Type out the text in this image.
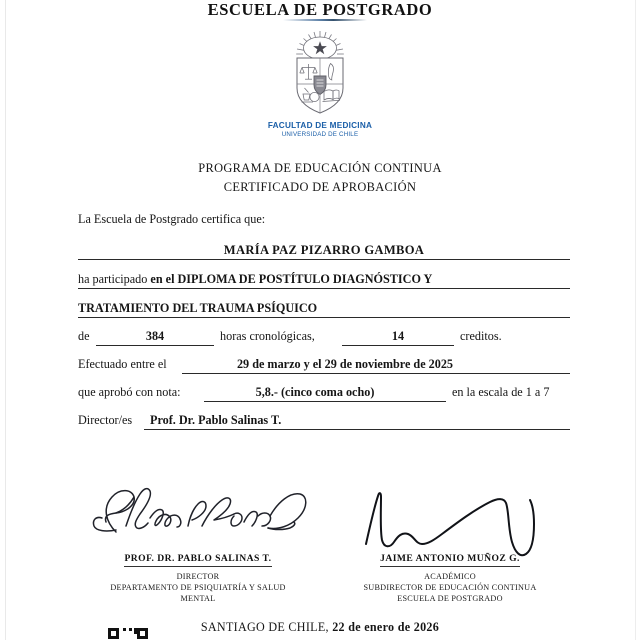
ESCUELA DE POSTGRADO
FACULTAD DE MEDICINA
UNIVERSIDAD DE CHILE
PROGRAMA DE EDUCACIÓN CONTINUA
CERTIFICADO DE APROBACIÓN
La Escuela de Postgrado certifica que:
MARÍA PAZ PIZARRO GAMBOA
ha participado en el DIPLOMA DE POSTÍTULO DIAGNÓSTICO Y
TRATAMIENTO DEL TRAUMA PSÍQUICO
de	384	horas cronológicas,	14	creditos.
Efectuado entre el	29 de marzo y el 29 de noviembre de 2025
que aprobó con nota:	5,8.- (cinco coma ocho)	en la escala de 1 a 7
Director/es Prof. Dr. Pablo Salinas T.
PROF. DR. PABLO SALINAS T.
DIRECTOR
DEPARTAMENTO DE PSIQUIATRÍA Y SALUD
MENTAL
JAIME ANTONIO MUÑOZ G.
ACADÉMICO
SUBDIRECTOR DE EDUCACIÓN CONTINUA
ESCUELA DE POSTGRADO
SANTIAGO DE CHILE, 22 de enero de 2026
